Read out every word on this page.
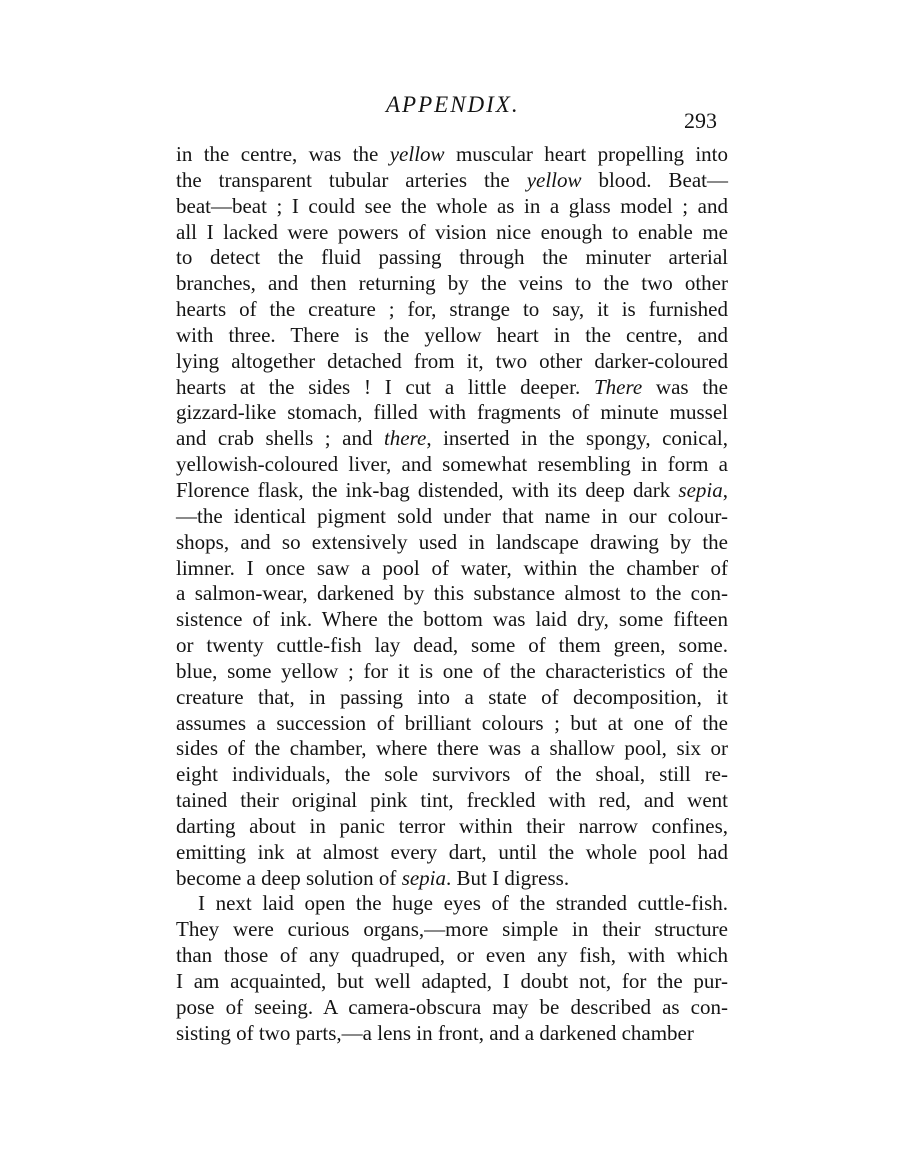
APPENDIX.
293
in the centre, was the yellow muscular heart propelling into
the transparent tubular arteries the yellow blood. Beat—
beat—beat ; I could see the whole as in a glass model ; and
all I lacked were powers of vision nice enough to enable me
to detect the fluid passing through the minuter arterial
branches, and then returning by the veins to the two other
hearts of the creature ; for, strange to say, it is furnished
with three. There is the yellow heart in the centre, and
lying altogether detached from it, two other darker-coloured
hearts at the sides ! I cut a little deeper. There was the
gizzard-like stomach, filled with fragments of minute mussel
and crab shells ; and there, inserted in the spongy, conical,
yellowish-coloured liver, and somewhat resembling in form a
Florence flask, the ink-bag distended, with its deep dark sepia,
—the identical pigment sold under that name in our colour-
shops, and so extensively used in landscape drawing by the
limner. I once saw a pool of water, within the chamber of
a salmon-wear, darkened by this substance almost to the con-
sistence of ink. Where the bottom was laid dry, some fifteen
or twenty cuttle-fish lay dead, some of them green, some.
blue, some yellow ; for it is one of the characteristics of the
creature that, in passing into a state of decomposition, it
assumes a succession of brilliant colours ; but at one of the
sides of the chamber, where there was a shallow pool, six or
eight individuals, the sole survivors of the shoal, still re-
tained their original pink tint, freckled with red, and went
darting about in panic terror within their narrow confines,
emitting ink at almost every dart, until the whole pool had
become a deep solution of sepia. But I digress.
I next laid open the huge eyes of the stranded cuttle-fish.
They were curious organs,—more simple in their structure
than those of any quadruped, or even any fish, with which
I am acquainted, but well adapted, I doubt not, for the pur-
pose of seeing. A camera-obscura may be described as con-
sisting of two parts,—a lens in front, and a darkened chamber
